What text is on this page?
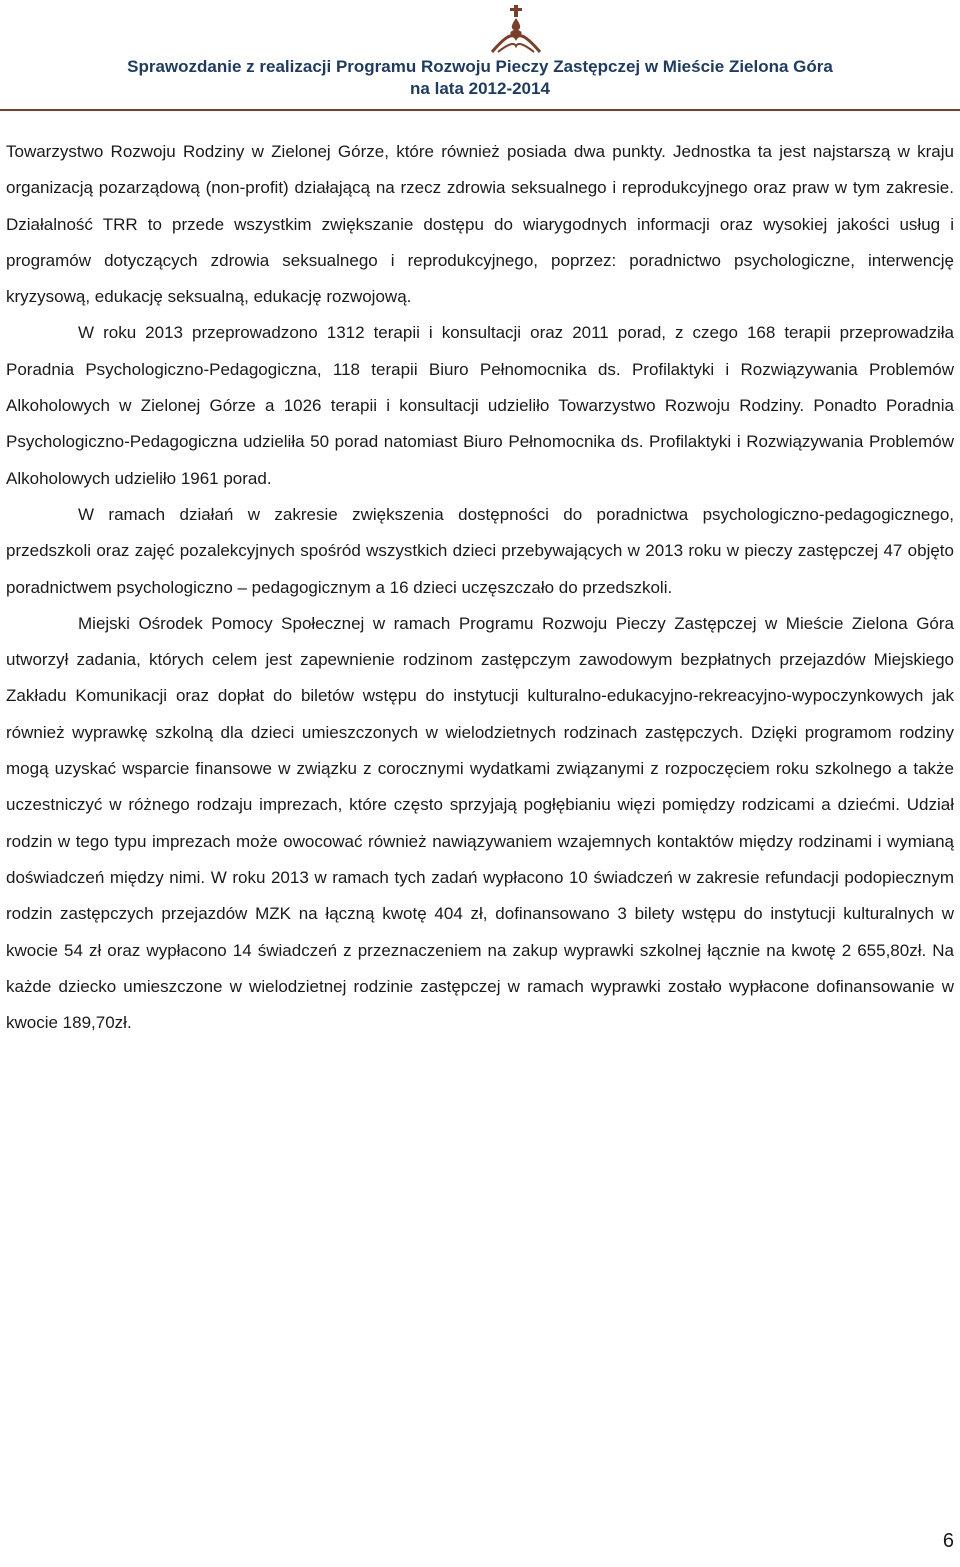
Sprawozdanie z realizacji Programu Rozwoju Pieczy Zastępczej w Mieście Zielona Góra
na lata 2012-2014

Towarzystwo Rozwoju Rodziny w Zielonej Górze, które również posiada dwa punkty. Jednostka ta jest najstarszą w kraju organizacją pozarządową (non-profit) działającą na rzecz zdrowia seksualnego i reprodukcyjnego oraz praw w tym zakresie. Działalność TRR to przede wszystkim zwiększanie dostępu do wiarygodnych informacji oraz wysokiej jakości usług i programów dotyczących zdrowia seksualnego i reprodukcyjnego, poprzez: poradnictwo psychologiczne, interwencję kryzysową, edukację seksualną, edukację rozwojową.

W roku 2013 przeprowadzono 1312 terapii i konsultacji oraz 2011 porad, z czego 168 terapii przeprowadziła Poradnia Psychologiczno-Pedagogiczna, 118 terapii Biuro Pełnomocnika ds. Profilaktyki i Rozwiązywania Problemów Alkoholowych w Zielonej Górze a 1026 terapii i konsultacji udzieliło Towarzystwo Rozwoju Rodziny. Ponadto Poradnia Psychologiczno-Pedagogiczna udzieliła 50 porad natomiast Biuro Pełnomocnika ds. Profilaktyki i Rozwiązywania Problemów Alkoholowych udzieliło 1961 porad.

W ramach działań w zakresie zwiększenia dostępności do poradnictwa psychologiczno-pedagogicznego, przedszkoli oraz zajęć pozalekcyjnych spośród wszystkich dzieci przebywających w 2013 roku w pieczy zastępczej 47 objęto poradnictwem psychologiczno – pedagogicznym a 16 dzieci uczęszczało do przedszkoli.

Miejski Ośrodek Pomocy Społecznej w ramach Programu Rozwoju Pieczy Zastępczej w Mieście Zielona Góra utworzył zadania, których celem jest zapewnienie rodzinom zastępczym zawodowym bezpłatnych przejazdów Miejskiego Zakładu Komunikacji oraz dopłat do biletów wstępu do instytucji kulturalno-edukacyjno-rekreacyjno-wypoczynkowych jak również wyprawkę szkolną dla dzieci umieszczonych w wielodzietnych rodzinach zastępczych. Dzięki programom rodziny mogą uzyskać wsparcie finansowe w związku z corocznymi wydatkami związanymi z rozpoczęciem roku szkolnego a także uczestniczyć w różnego rodzaju imprezach, które często sprzyjają pogłębianiu więzi pomiędzy rodzicami a dziećmi. Udział rodzin w tego typu imprezach może owocować również nawiązywaniem wzajemnych kontaktów między rodzinami i wymianą doświadczeń między nimi. W roku 2013 w ramach tych zadań wypłacono 10 świadczeń w zakresie refundacji podopiecznym rodzin zastępczych przejazdów MZK na łączną kwotę 404 zł, dofinansowano 3 bilety wstępu do instytucji kulturalnych w kwocie 54 zł oraz wypłacono 14 świadczeń z przeznaczeniem na zakup wyprawki szkolnej łącznie na kwotę 2 655,80zł. Na każde dziecko umieszczone w wielodzietnej rodzinie zastępczej w ramach wyprawki zostało wypłacone dofinansowanie w kwocie 189,70zł.

6
